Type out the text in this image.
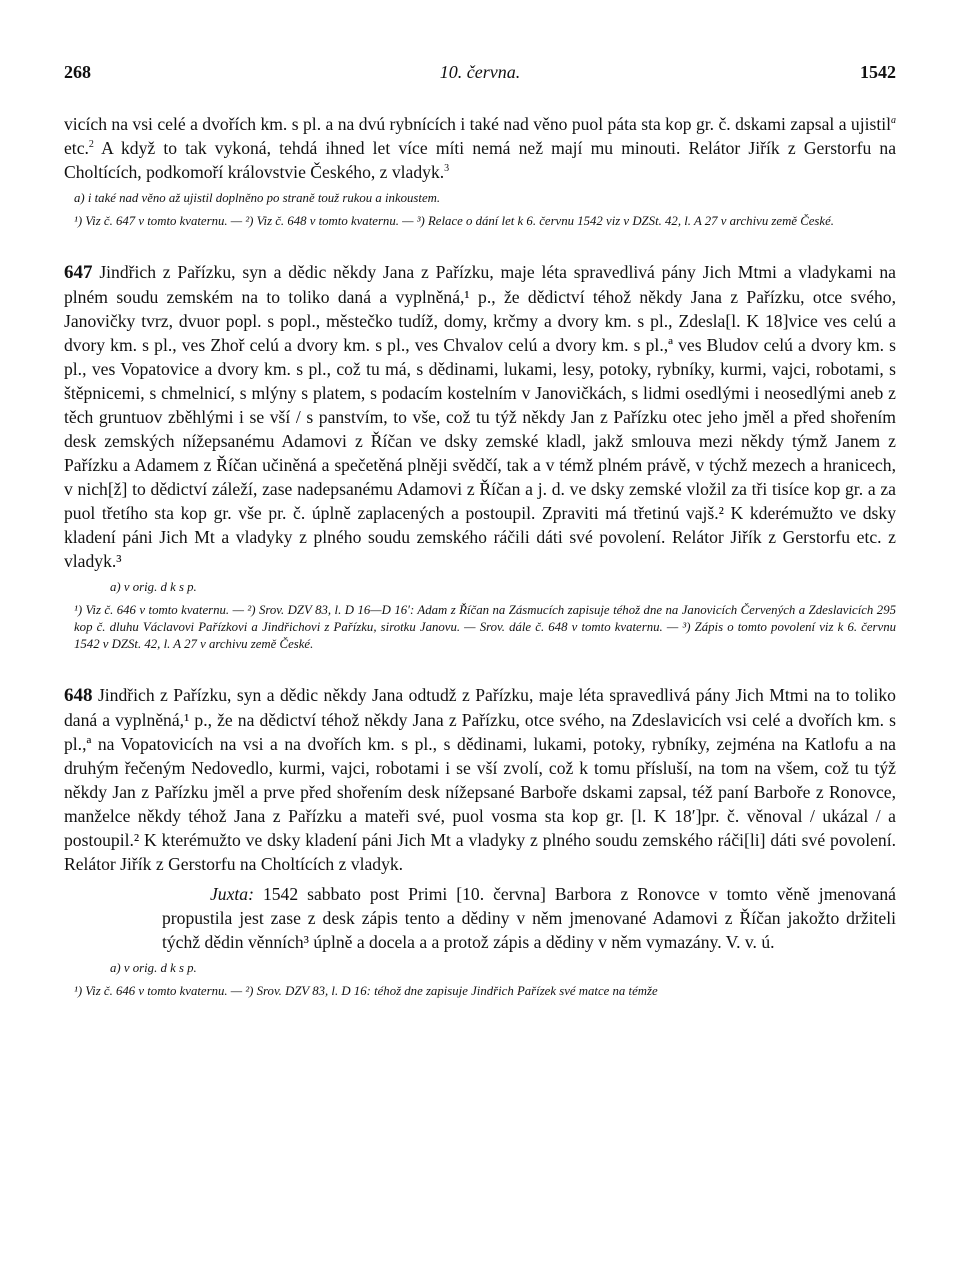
268	10. června.	1542

vicích na vsi celé a dvořích km. s pl. a na dvú rybnících i také nad věno puol páta sta kop gr. č. dskami zapsal a ujistil$^a$ etc.$^2$ A když to tak vykoná, tehdá ihned let více míti nemá než mají mu minouti. Relátor Jiřík z Gerstorfu na Choltících, podkomoří královstvie Českého, z vladyk.$^3$

a) i také nad věno až ujistil doplněno po straně touž rukou a inkoustem.

¹) Viz č. 647 v tomto kvaternu. — ²) Viz č. 648 v tomto kvaternu. — ³) Relace o dání let k 6. červnu 1542 viz v DZSt. 42, l. A 27 v archivu země České.

647 Jindřich z Pařízku, syn a dědic někdy Jana z Pařízku, maje léta spravedlivá pány Jich Mtmi a vladykami na plném soudu zemském na to toliko daná a vyplněná,¹ p., že dědictví téhož někdy Jana z Pařízku, otce svého, Janovičky tvrz, dvuor popl. s popl., městečko tudíž, domy, krčmy a dvory km. s pl., Zdesla[l. K 18]vice ves celú a dvory km. s pl., ves Zhoř celú a dvory km. s pl., ves Chvalov celú a dvory km. s pl.,ª ves Bludov celú a dvory km. s pl., ves Vopatovice a dvory km. s pl., což tu má, s dědinami, lukami, lesy, potoky, rybníky, kurmi, vajci, robotami, s štěpnicemi, s chmelnicí, s mlýny s platem, s podacím kostelním v Janovičkách, s lidmi osedlými i neosedlými aneb z těch gruntuov zběhlými i se vší / s panstvím, to vše, což tu týž někdy Jan z Pařízku otec jeho jměl a před shořením desk zemských nížepsanému Adamovi z Říčan ve dsky zemské kladl, jakž smlouva mezi někdy týmž Janem z Pařízku a Adamem z Říčan učiněná a spečetěná plněji svědčí, tak a v témž plném právě, v týchž mezech a hranicech, v nich[ž] to dědictví záleží, zase nadepsanému Adamovi z Říčan a j. d. ve dsky zemské vložil za tři tisíce kop gr. a za puol třetího sta kop gr. vše pr. č. úplně zaplacených a postoupil. Zpraviti má třetinú vajš.² K kderémužto ve dsky kladení páni Jich Mt a vladyky z plného soudu zemského ráčili dáti své povolení. Relátor Jiřík z Gerstorfu etc. z vladyk.³

a) v orig. d k s p.

¹) Viz č. 646 v tomto kvaternu. — ²) Srov. DZV 83, l. D 16—D 16′: Adam z Říčan na Zásmucích zapisuje téhož dne na Janovicích Červených a Zdeslavicích 295 kop č. dluhu Václavovi Pařízkovi a Jindřichovi z Pařízku, sirotku Janovu. — Srov. dále č. 648 v tomto kvaternu. — ³) Zápis o tomto povolení viz k 6. červnu 1542 v DZSt. 42, l. A 27 v archivu země České.

648 Jindřich z Pařízku, syn a dědic někdy Jana odtudž z Pařízku, maje léta spravedlivá pány Jich Mtmi na to toliko daná a vyplněná,¹ p., že na dědictví téhož někdy Jana z Pařízku, otce svého, na Zdeslavicích vsi celé a dvořích km. s pl.,ª na Vopatovicích na vsi a na dvořích km. s pl., s dědinami, lukami, potoky, rybníky, zejména na Katlofu a na druhým řečeným Nedovedlo, kurmi, vajci, robotami i se vší zvolí, což k tomu přísluší, na tom na všem, což tu týž někdy Jan z Pařízku jměl a prve před shořením desk nížepsané Barboře dskami zapsal, též paní Barboře z Ronovce, manželce někdy téhož Jana z Pařízku a mateři své, puol vosma sta kop gr. [l. K 18′]pr. č. věnoval / ukázal / a postoupil.² K kterémužto ve dsky kladení páni Jich Mt a vladyky z plného soudu zemského ráči[li] dáti své povolení. Relátor Jiřík z Gerstorfu na Choltících z vladyk.

Juxta: 1542 sabbato post Primi [10. června] Barbora z Ronovce v tomto věně jmenovaná propustila jest zase z desk zápis tento a dědiny v něm jmenované Adamovi z Říčan jakožto držiteli týchž dědin věnních³ úplně a docela a a protož zápis a dědiny v něm vymazány. V. v. ú.

a) v orig. d k s p.

¹) Viz č. 646 v tomto kvaternu. — ²) Srov. DZV 83, l. D 16: téhož dne zapisuje Jindřich Pařízek své matce na témže
